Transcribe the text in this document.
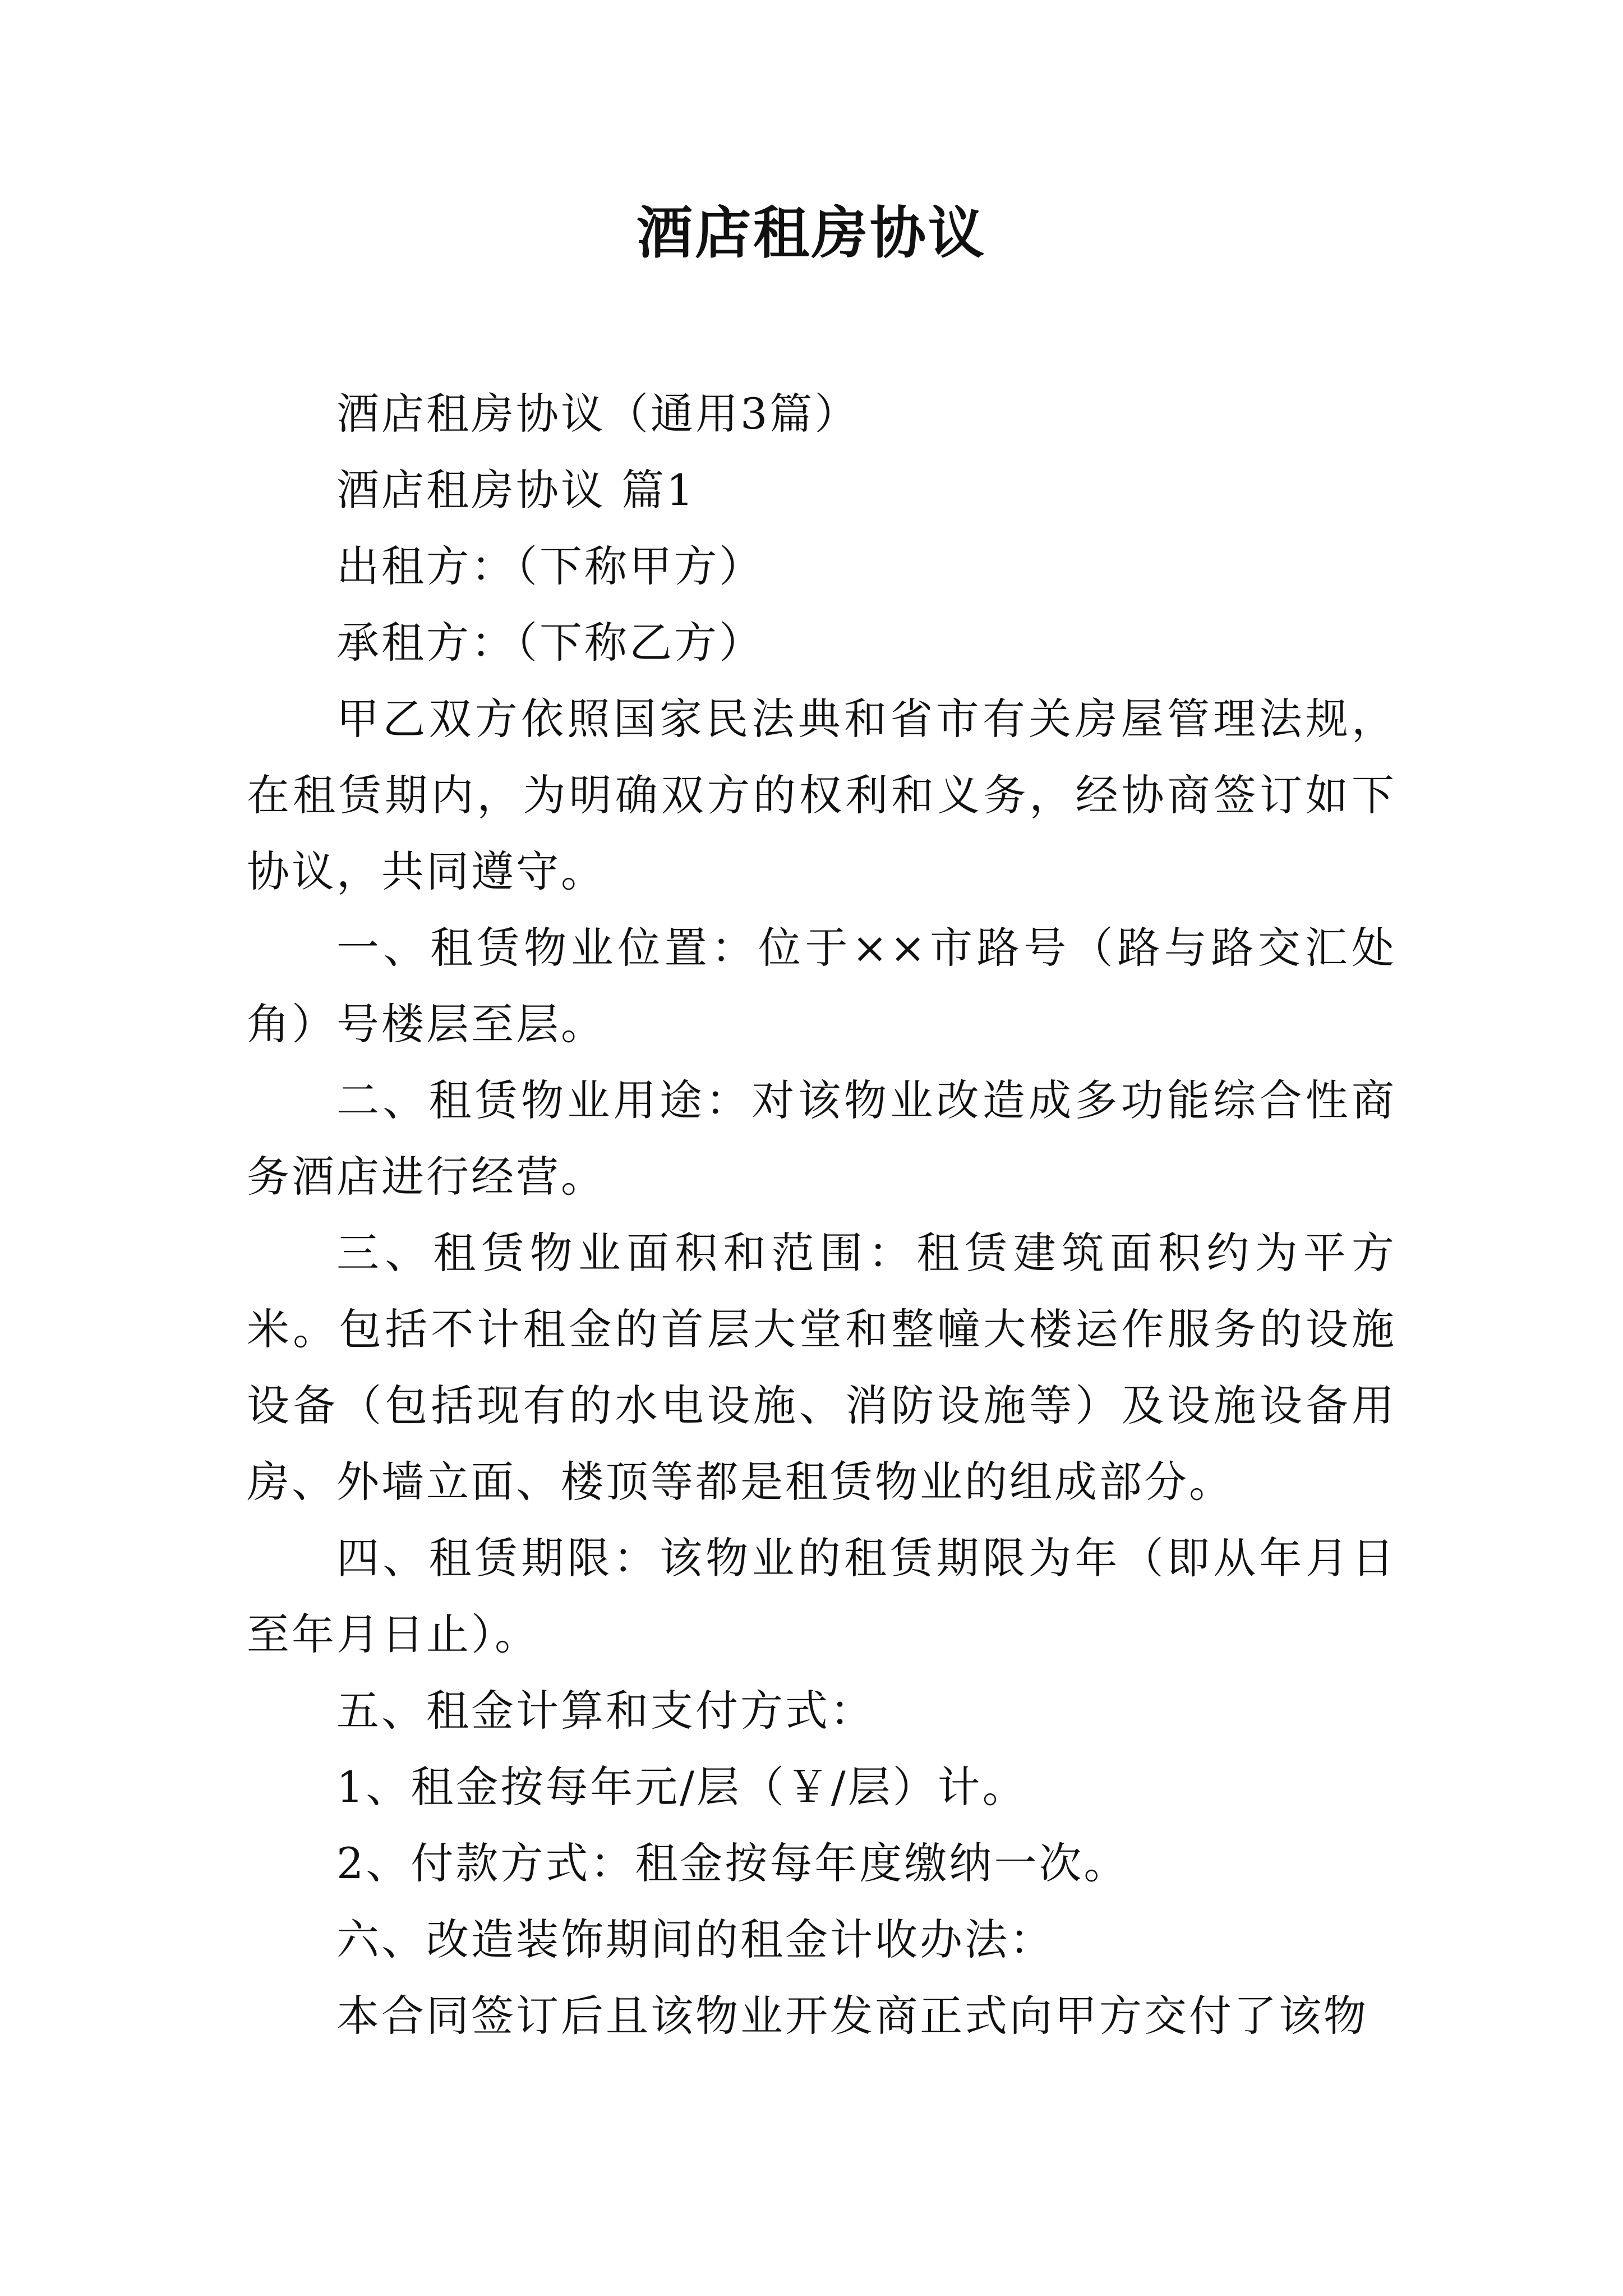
酒店租房协议

酒店租房协议（通用3篇）

酒店租房协议 篇1

出租方：（下称甲方）

承租方：（下称乙方）

甲乙双方依照国家民法典和省市有关房屋管理法规，在租赁期内，为明确双方的权利和义务，经协商签订如下协议，共同遵守。

一、租赁物业位置：位于××市路号（路与路交汇处角）号楼层至层。

二、租赁物业用途：对该物业改造成多功能综合性商务酒店进行经营。

三、租赁物业面积和范围：租赁建筑面积约为平方米。包括不计租金的首层大堂和整幢大楼运作服务的设施设备（包括现有的水电设施、消防设施等）及设施设备用房、外墙立面、楼顶等都是租赁物业的组成部分。

四、租赁期限：该物业的租赁期限为年（即从年月日至年月日止）。

五、租金计算和支付方式：

1、租金按每年元/层（￥/层）计。

2、付款方式：租金按每年度缴纳一次。

六、改造装饰期间的租金计收办法：

本合同签订后且该物业开发商正式向甲方交付了该物
